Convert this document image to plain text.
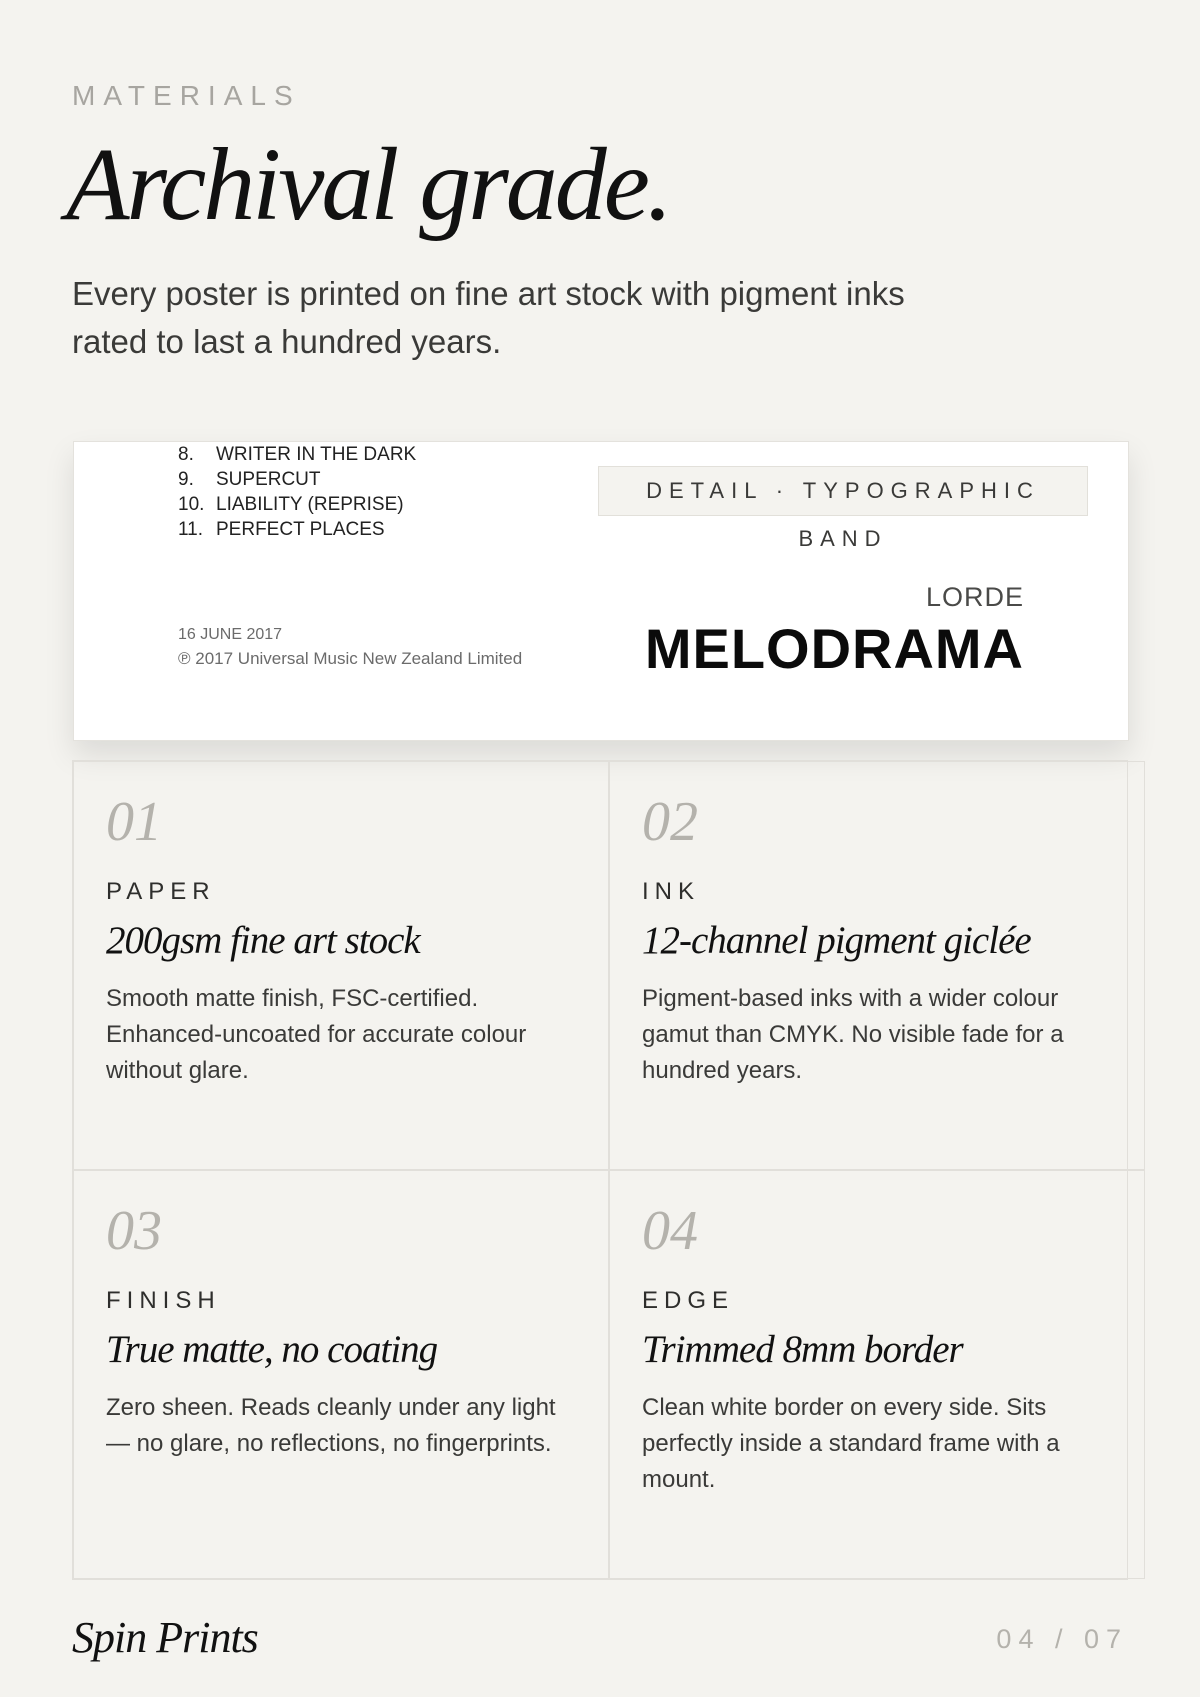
MATERIALS
Archival grade.
Every poster is printed on fine art stock with pigment inks
rated to last a hundred years.
8. WRITER IN THE DARK
9. SUPERCUT
10. LIABILITY (REPRISE)
11. PERFECT PLACES
16 JUNE 2017
℗ 2017 Universal Music New Zealand Limited
DETAIL · TYPOGRAPHIC BAND
LORDE
MELODRAMA
01
PAPER
200gsm fine art stock
Smooth matte finish, FSC-certified. Enhanced-uncoated for accurate colour without glare.
02
INK
12-channel pigment giclée
Pigment-based inks with a wider colour gamut than CMYK. No visible fade for a hundred years.
03
FINISH
True matte, no coating
Zero sheen. Reads cleanly under any light — no glare, no reflections, no fingerprints.
04
EDGE
Trimmed 8mm border
Clean white border on every side. Sits perfectly inside a standard frame with a mount.
Spin Prints	04 / 07
